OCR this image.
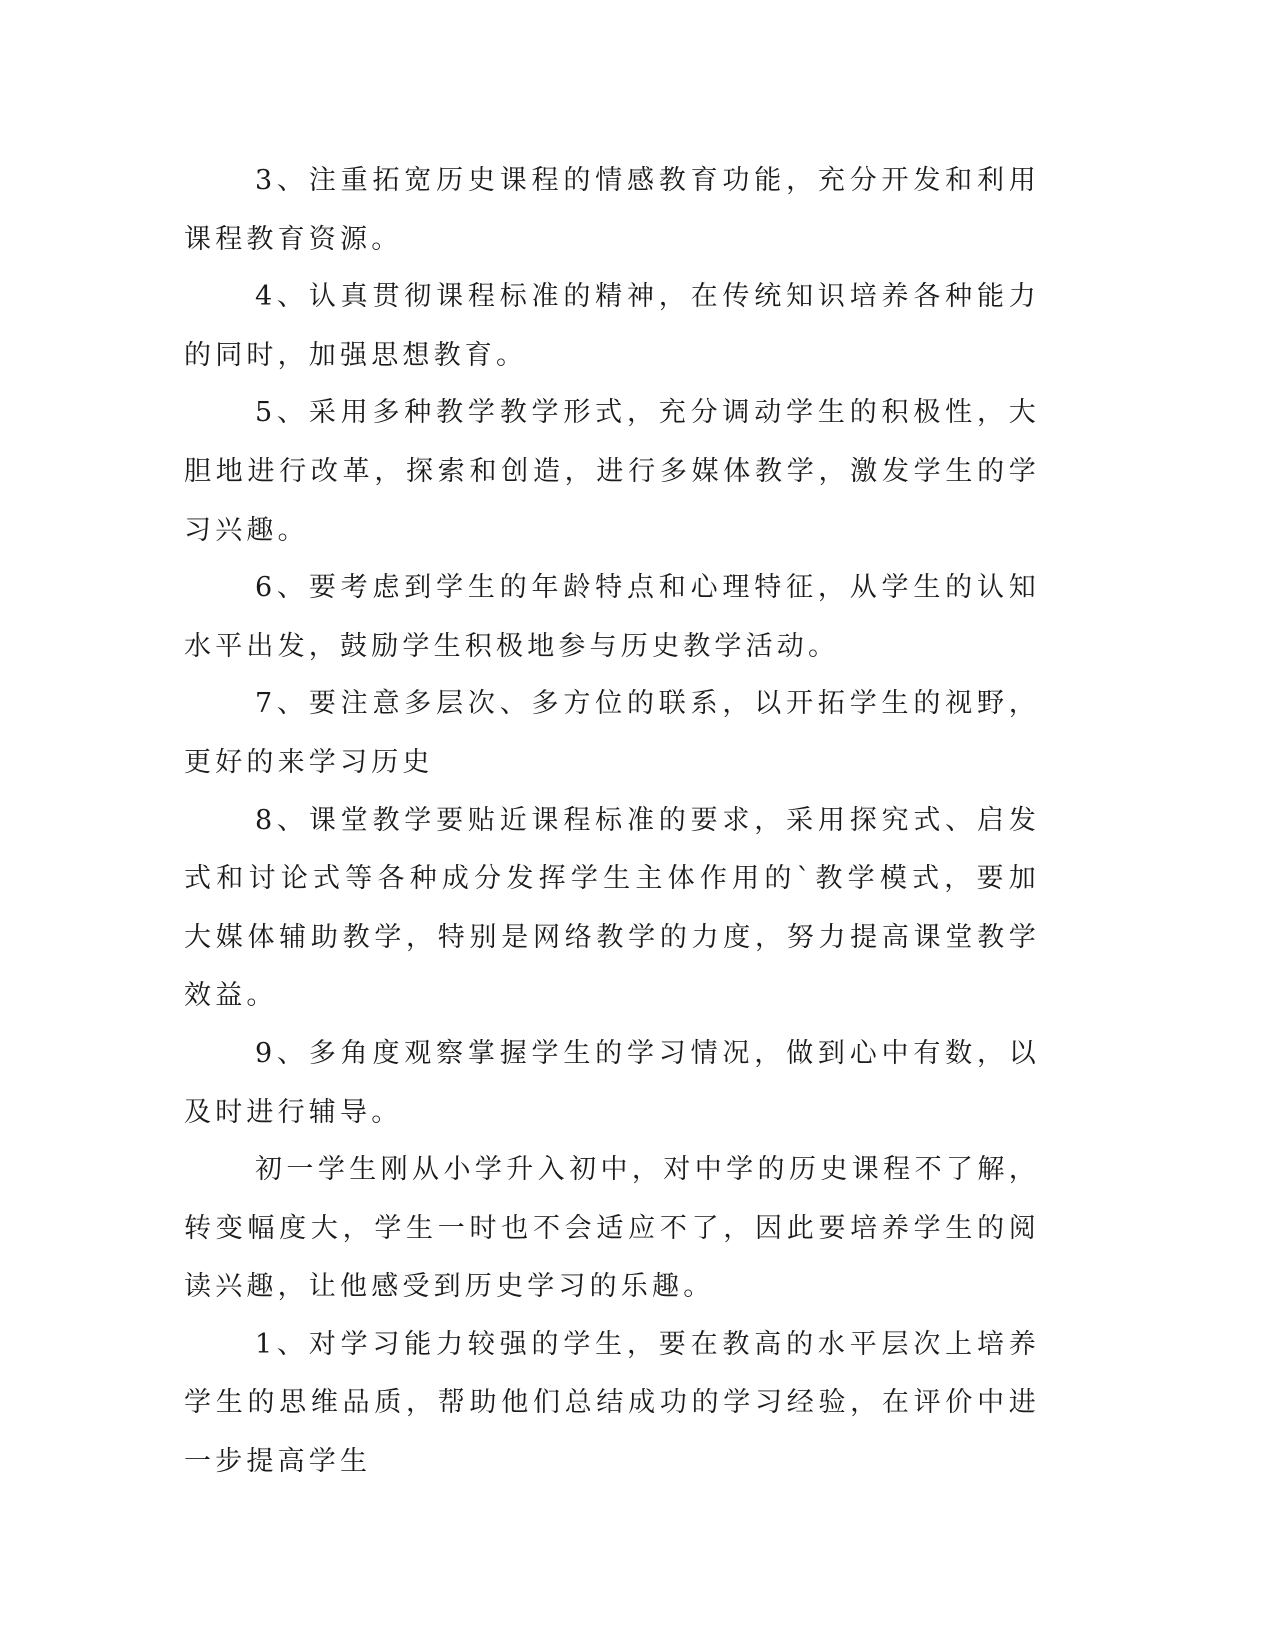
3、注重拓宽历史课程的情感教育功能，充分开发和利用课程教育资源。

4、认真贯彻课程标准的精神，在传统知识培养各种能力的同时，加强思想教育。

5、采用多种教学教学形式，充分调动学生的积极性，大胆地进行改革，探索和创造，进行多媒体教学，激发学生的学习兴趣。

6、要考虑到学生的年龄特点和心理特征，从学生的认知水平出发，鼓励学生积极地参与历史教学活动。

7、要注意多层次、多方位的联系，以开拓学生的视野，更好的来学习历史

8、课堂教学要贴近课程标准的要求，采用探究式、启发式和讨论式等各种成分发挥学生主体作用的`教学模式，要加大媒体辅助教学，特别是网络教学的力度，努力提高课堂教学效益。

9、多角度观察掌握学生的学习情况，做到心中有数，以及时进行辅导。

初一学生刚从小学升入初中，对中学的历史课程不了解，转变幅度大，学生一时也不会适应不了，因此要培养学生的阅读兴趣，让他感受到历史学习的乐趣。

1、对学习能力较强的学生，要在教高的水平层次上培养学生的思维品质，帮助他们总结成功的学习经验，在评价中进一步提高学生
